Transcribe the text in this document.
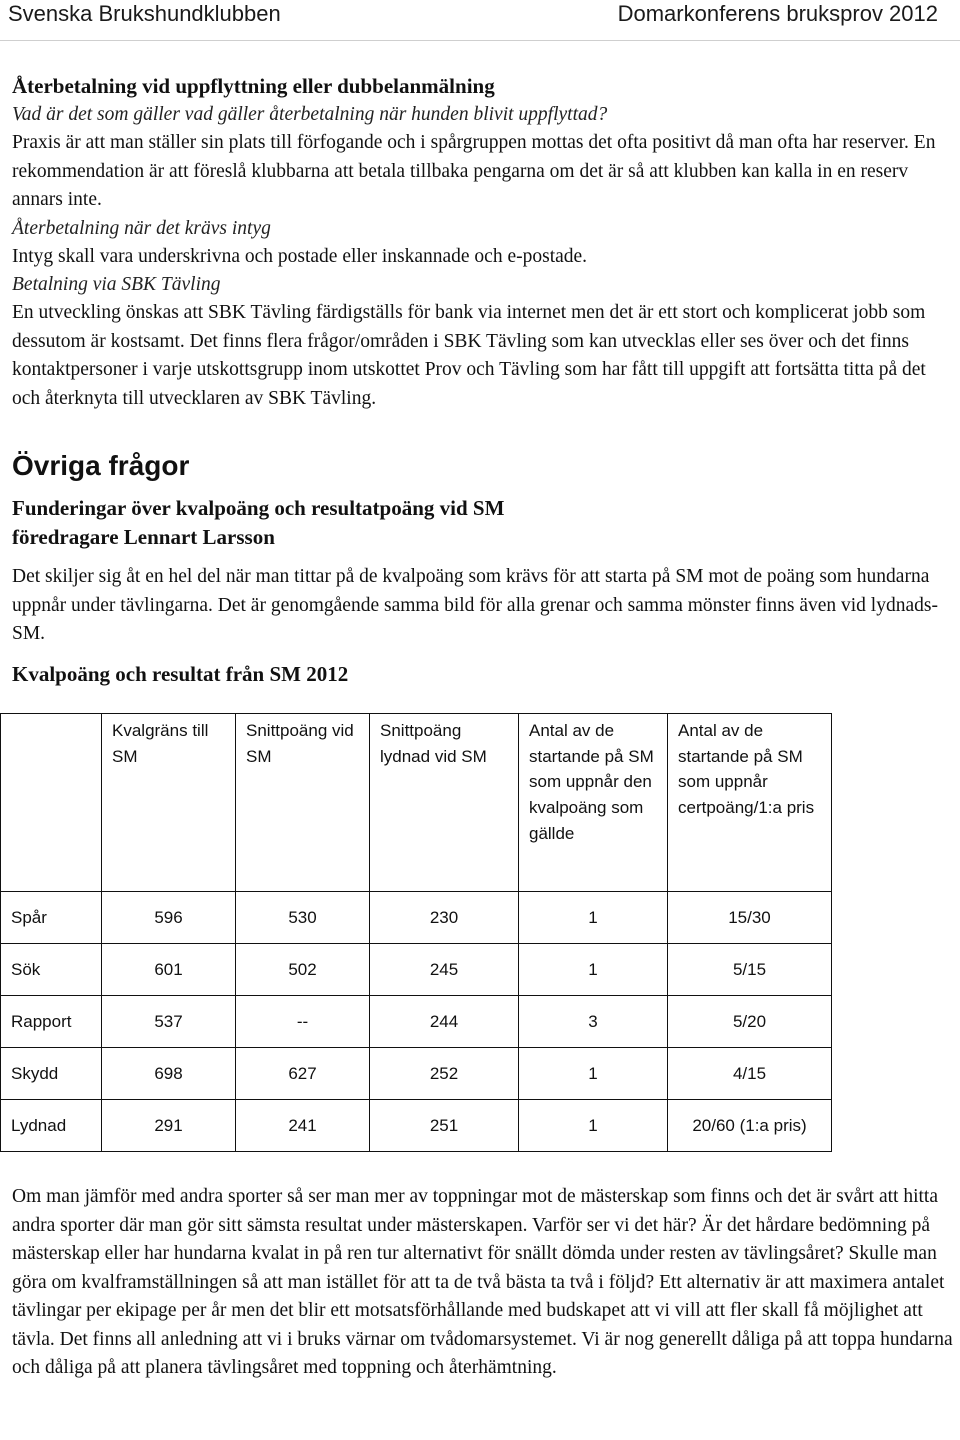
Svenska Brukshundklubben	Domarkonferens bruksprov 2012

Återbetalning vid uppflyttning eller dubbelanmälning

Vad är det som gäller vad gäller återbetalning när hunden blivit uppflyttad?

Praxis är att man ställer sin plats till förfogande och i spårgruppen mottas det ofta positivt då man ofta har reserver. En rekommendation är att föreslå klubbarna att betala tillbaka pengarna om det är så att klubben kan kalla in en reserv annars inte.

Återbetalning när det krävs intyg

Intyg skall vara underskrivna och postade eller inskannade och e-postade.

Betalning via SBK Tävling

En utveckling önskas att SBK Tävling färdigställs för bank via internet men det är ett stort och komplicerat jobb som dessutom är kostsamt. Det finns flera frågor/områden i SBK Tävling som kan utvecklas eller ses över och det finns kontaktpersoner i varje utskottsgrupp inom utskottet Prov och Tävling som har fått till uppgift att fortsätta titta på det och återknyta till utvecklaren av SBK Tävling.

Övriga frågor
Funderingar över kvalpoäng och resultatpoäng vid SM
föredragare Lennart Larsson

Det skiljer sig åt en hel del när man tittar på de kvalpoäng som krävs för att starta på SM mot de poäng som hundarna uppnår under tävlingarna. Det är genomgående samma bild för alla grenar och samma mönster finns även vid lydnads-SM.

Kvalpoäng och resultat från SM 2012

	Kvalgräns till SM	Snittpoäng vid SM	Snittpoäng lydnad vid SM	Antal av de startande på SM som uppnår den kvalpoäng som gällde	Antal av de startande på SM som uppnår certpoäng/1:a pris
Spår	596	530	230	1	15/30
Sök	601	502	245	1	5/15
Rapport	537	--	244	3	5/20
Skydd	698	627	252	1	4/15
Lydnad	291	241	251	1	20/60 (1:a pris)

Om man jämför med andra sporter så ser man mer av toppningar mot de mästerskap som finns och det är svårt att hitta andra sporter där man gör sitt sämsta resultat under mästerskapen. Varför ser vi det här? Är det hårdare bedömning på mästerskap eller har hundarna kvalat in på ren tur alternativt för snällt dömda under resten av tävlingsåret? Skulle man göra om kvalframställningen så att man istället för att ta de två bästa ta två i följd? Ett alternativ är att maximera antalet tävlingar per ekipage per år men det blir ett motsatsförhållande med budskapet att vi vill att fler skall få möjlighet att tävla. Det finns all anledning att vi i bruks värnar om tvådomarsystemet. Vi är nog generellt dåliga på att toppa hundarna och dåliga på att planera tävlingsåret med toppning och återhämtning.
